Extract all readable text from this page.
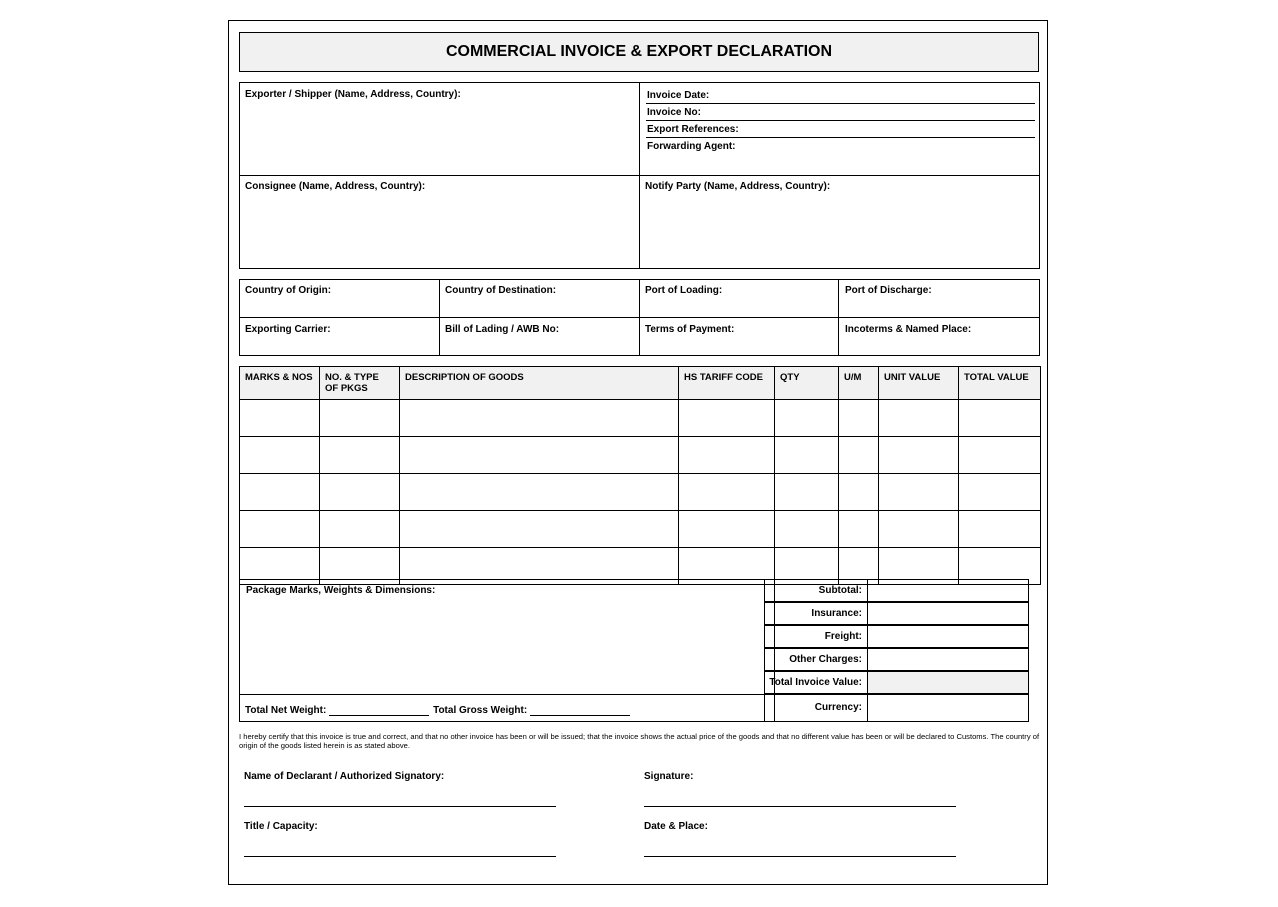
COMMERCIAL INVOICE & EXPORT DECLARATION
Exporter / Shipper (Name, Address, Country):	Invoice Date:
Invoice No:
Export References:
Forwarding Agent:
Consignee (Name, Address, Country):	Notify Party (Name, Address, Country):
Country of Origin:	Country of Destination:	Port of Loading:	Port of Discharge:
Exporting Carrier:	Bill of Lading / AWB No:	Terms of Payment:	Incoterms & Named Place:
MARKS & NOS	NO. & TYPE OF PKGS	DESCRIPTION OF GOODS	HS TARIFF CODE	QTY	U/M	UNIT VALUE	TOTAL VALUE

Package Marks, Weights & Dimensions:
Total Net Weight:	Total Gross Weight:
Subtotal:
Insurance:
Freight:
Other Charges:
Total Invoice Value:
Currency:
I hereby certify that this invoice is true and correct, and that no other invoice has been or will be issued; that the invoice shows the actual price of the goods and that no different value has been or will be declared to Customs. The country of origin of the goods listed herein is as stated above.
Name of Declarant / Authorized Signatory:	Signature:
Title / Capacity:	Date & Place:
